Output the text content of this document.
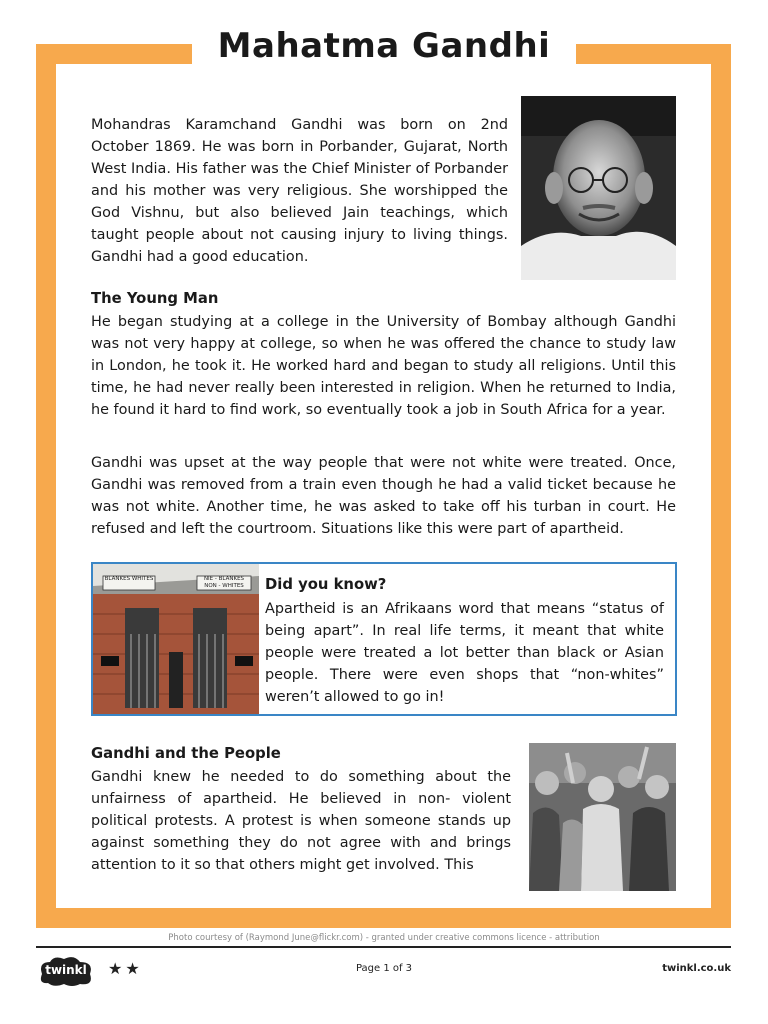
Mahatma Gandhi

Mohandras Karamchand Gandhi was born on 2nd October 1869. He was born in Porbander, Gujarat, North West India. His father was the Chief Minister of Porbander and his mother was very religious. She worshipped the God Vishnu, but also believed Jain teachings, which taught people about not causing injury to living things. Gandhi had a good education.

The Young Man

He began studying at a college in the University of Bombay although Gandhi was not very happy at college, so when he was offered the chance to study law in London, he took it. He worked hard and began to study all religions. Until this time, he had never really been interested in religion. When he returned to India, he found it hard to find work, so eventually took a job in South Africa for a year.

Gandhi was upset at the way people that were not white were treated. Once, Gandhi was removed from a train even though he had a valid ticket because he was not white. Another time, he was asked to take off his turban in court. He refused and left the courtroom. Situations like this were part of apartheid.

BLANKES WHITES	NIE - BLANKES NON - WHITES	Did you know?

Apartheid is an Afrikaans word that means “status of being apart”. In real life terms, it meant that white people were treated a lot better than black or Asian people. There were even shops that “non-whites” weren’t allowed to go in!

Gandhi and the People

Gandhi knew he needed to do something about the unfairness of apartheid. He believed in non- violent political protests. A protest is when someone stands up against something they do not agree with and brings attention to it so that others might get involved. This

Photo courtesy of (Raymond June@flickr.com) - granted under creative commons licence - attribution
twinkl	★★	Page 1 of 3	twinkl.co.uk
